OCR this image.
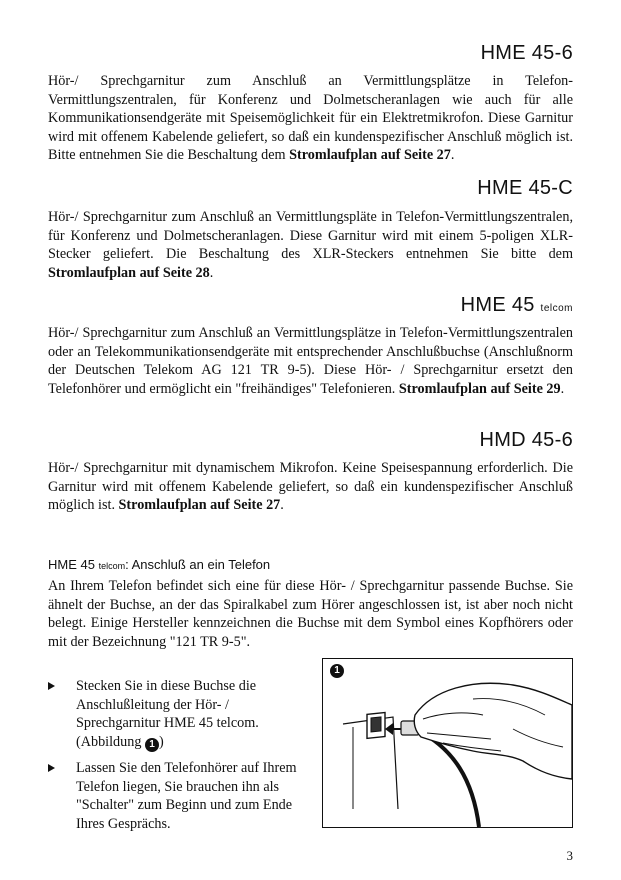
HME 45-6

Hör-/ Sprechgarnitur zum Anschluß an Vermittlungsplätze in Telefon-Vermittlungszentralen, für Konferenz und Dolmetscheranlagen wie auch für alle Kommunikationsendgeräte mit Speisemöglichkeit für ein Elektretmikrofon. Diese Garnitur wird mit offenem Kabelende geliefert, so daß ein kundenspezifischer Anschluß möglich ist. Bitte entnehmen Sie die Beschaltung dem Stromlaufplan auf Seite 27.

HME 45-C

Hör-/ Sprechgarnitur zum Anschluß an Vermittlungspläte in Telefon-Vermittlungszentralen, für Konferenz und Dolmetscheranlagen. Diese Garnitur wird mit einem 5-poligen XLR-Stecker geliefert. Die Beschaltung des XLR-Steckers entnehmen Sie bitte dem Stromlaufplan auf Seite 28.

HME 45 telcom

Hör-/ Sprechgarnitur zum Anschluß an Vermittlungsplätze in Telefon-Vermittlungszentralen oder an Telekommunikationsendgeräte mit entsprechender Anschlußbuchse (Anschlußnorm der Deutschen Telekom AG 121 TR 9-5). Diese Hör- / Sprechgarnitur ersetzt den Telefonhörer und ermöglicht ein "freihändiges" Telefonieren. Stromlaufplan auf Seite 29.

HMD 45-6

Hör-/ Sprechgarnitur mit dynamischem Mikrofon. Keine Speisespannung erforderlich. Die Garnitur wird mit offenem Kabelende geliefert, so daß ein kundenspezifischer Anschluß möglich ist. Stromlaufplan auf Seite 27.

HME 45 telcom: Anschluß an ein Telefon

An Ihrem Telefon befindet sich eine für diese Hör- / Sprechgarnitur passende Buchse. Sie ähnelt der Buchse, an der das Spiralkabel zum Hörer angeschlossen ist, ist aber noch nicht belegt. Einige Hersteller kennzeichnen die Buchse mit dem Symbol eines Kopfhörers oder mit der Bezeichnung "121 TR 9-5".

Stecken Sie in diese Buchse die Anschlußleitung der Hör- / Sprechgarnitur HME 45 telcom. (Abbildung 1 )
Lassen Sie den Telefonhörer auf Ihrem Telefon liegen, Sie brauchen ihn als "Schalter" zum Beginn und zum Ende Ihres Gesprächs.
1
3
